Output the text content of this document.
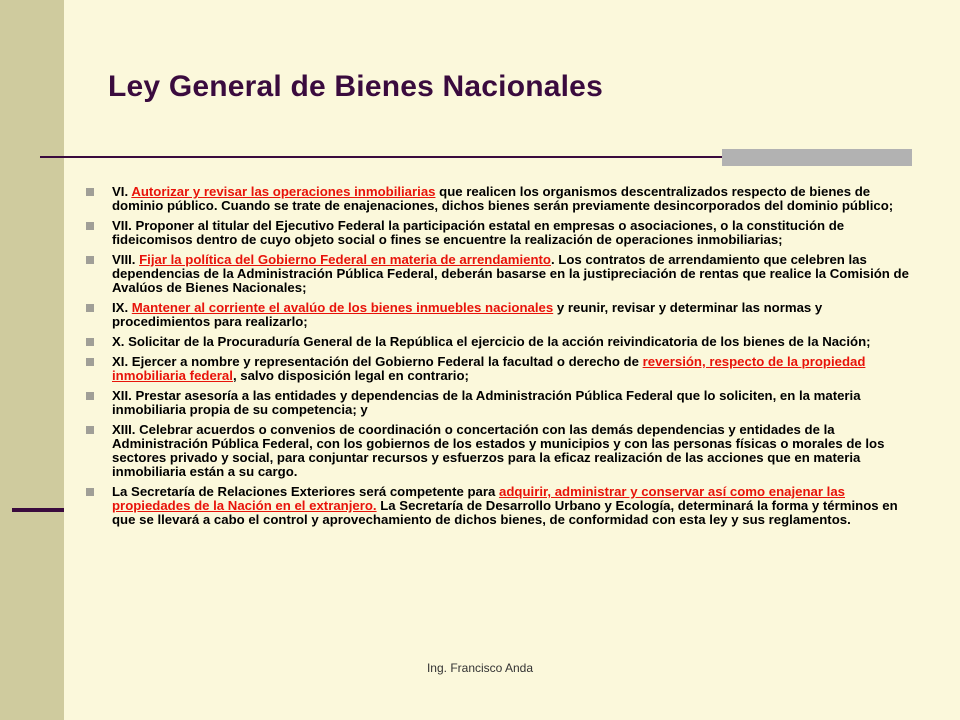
Ley General de Bienes Nacionales
VI. Autorizar y revisar las operaciones inmobiliarias que realicen los organismos descentralizados respecto de bienes de dominio público. Cuando se trate de enajenaciones, dichos bienes serán previamente desincorporados del dominio público;
VII. Proponer al titular del Ejecutivo Federal la participación estatal en empresas o asociaciones, o la constitución de fideicomisos dentro de cuyo objeto social o fines se encuentre la realización de operaciones inmobiliarias;
VIII. Fijar la política del Gobierno Federal en materia de arrendamiento. Los contratos de arrendamiento que celebren las dependencias de la Administración Pública Federal, deberán basarse en la justipreciación de rentas que realice la Comisión de Avalúos de Bienes Nacionales;
IX. Mantener al corriente el avalúo de los bienes inmuebles nacionales y reunir, revisar y determinar las normas y procedimientos para realizarlo;
X. Solicitar de la Procuraduría General de la República el ejercicio de la acción reivindicatoria de los bienes de la Nación;
XI. Ejercer a nombre y representación del Gobierno Federal la facultad o derecho de reversión, respecto de la propiedad inmobiliaria federal, salvo disposición legal en contrario;
XII. Prestar asesoría a las entidades y dependencias de la Administración Pública Federal que lo soliciten, en la materia inmobiliaria propia de su competencia; y
XIII. Celebrar acuerdos o convenios de coordinación o concertación con las demás dependencias y entidades de la Administración Pública Federal, con los gobiernos de los estados y municipios y con las personas físicas o morales de los sectores privado y social, para conjuntar recursos y esfuerzos para la eficaz realización de las acciones que en materia inmobiliaria están a su cargo.
La Secretaría de Relaciones Exteriores será competente para adquirir, administrar y conservar así como enajenar las propiedades de la Nación en el extranjero. La Secretaría de Desarrollo Urbano y Ecología, determinará la forma y términos en que se llevará a cabo el control y aprovechamiento de dichos bienes, de conformidad con esta ley y sus reglamentos.
Ing. Francisco Anda
